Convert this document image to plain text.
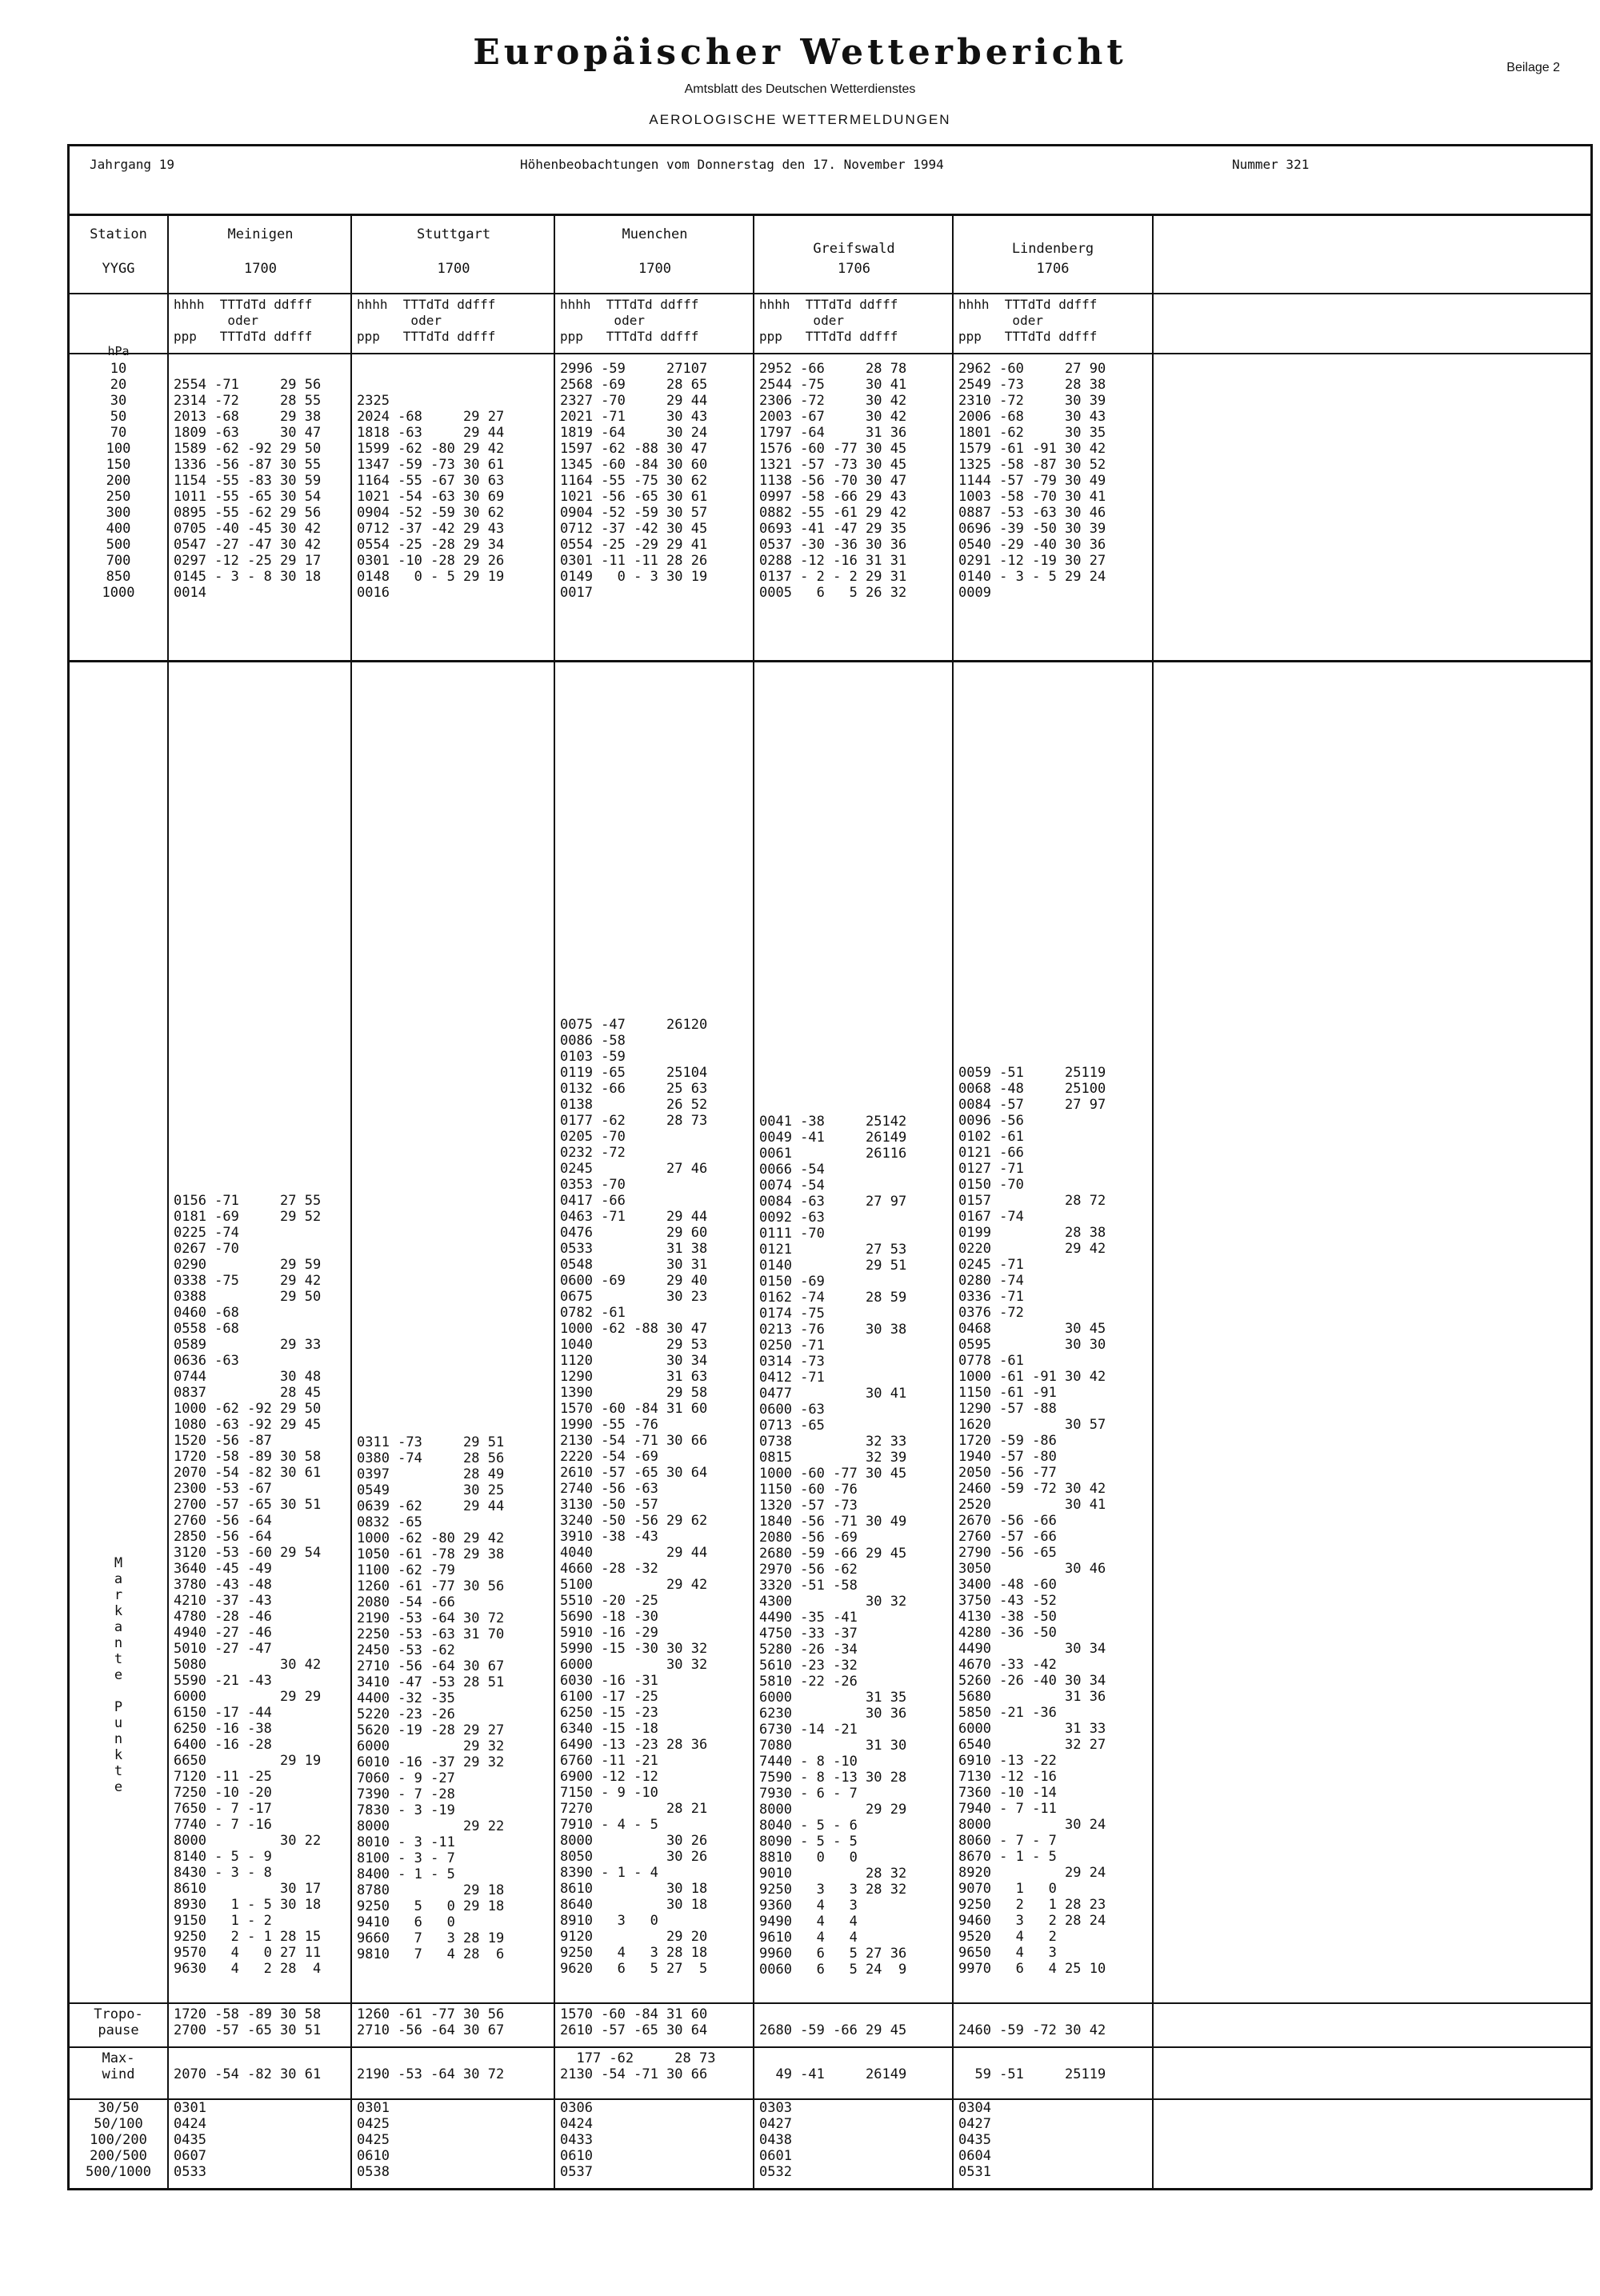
Europäischer Wetterbericht
Amtsblatt des Deutschen Wetterdienstes
AEROLOGISCHE WETTERMELDUNGEN
Beilage 2
Jahrgang 19	Höhenbeobachtungen vom Donnerstag den 17. November 1994	Nummer 321
Station
YYGG
hPa
10
20
30
50
70
100
150
200
250
300
400
500
700
850
1000
M
a
r
k
a
n
t
e

P
u
n
k
t
e
Tropo-
pause
Max-
wind
30/50
50/100
100/200
200/500
500/1000
Meinigen
1700
hhhh  TTTdTd ddfff
oder
ppp   TTTdTd ddfff

2554 -71     29 56
2314 -72     28 55
2013 -68     29 38
1809 -63     30 47
1589 -62 -92 29 50
1336 -56 -87 30 55
1154 -55 -83 30 59
1011 -55 -65 30 54
0895 -55 -62 29 56
0705 -40 -45 30 42
0547 -27 -47 30 42
0297 -12 -25 29 17
0145 - 3 - 8 30 18
0014
0156 -71     27 55
0181 -69     29 52
0225 -74
0267 -70
0290         29 59
0338 -75     29 42
0388         29 50
0460 -68
0558 -68
0589         29 33
0636 -63
0744         30 48
0837         28 45
1000 -62 -92 29 50
1080 -63 -92 29 45
1520 -56 -87
1720 -58 -89 30 58
2070 -54 -82 30 61
2300 -53 -67
2700 -57 -65 30 51
2760 -56 -64
2850 -56 -64
3120 -53 -60 29 54
3640 -45 -49
3780 -43 -48
4210 -37 -43
4780 -28 -46
4940 -27 -46
5010 -27 -47
5080         30 42
5590 -21 -43
6000         29 29
6150 -17 -44
6250 -16 -38
6400 -16 -28
6650         29 19
7120 -11 -25
7250 -10 -20
7650 - 7 -17
7740 - 7 -16
8000         30 22
8140 - 5 - 9
8430 - 3 - 8
8610         30 17
8930   1 - 5 30 18
9150   1 - 2
9250   2 - 1 28 15
9570   4   0 27 11
9630   4   2 28  4
1720 -58 -89 30 58
2700 -57 -65 30 51

2070 -54 -82 30 61
0301
0424
0435
0607
0533
Stuttgart
1700
hhhh  TTTdTd ddfff
oder
ppp   TTTdTd ddfff

2325
2024 -68     29 27
1818 -63     29 44
1599 -62 -80 29 42
1347 -59 -73 30 61
1164 -55 -67 30 63
1021 -54 -63 30 69
0904 -52 -59 30 62
0712 -37 -42 29 43
0554 -25 -28 29 34
0301 -10 -28 29 26
0148   0 - 5 29 19
0016
0311 -73     29 51
0380 -74     28 56
0397         28 49
0549         30 25
0639 -62     29 44
0832 -65
1000 -62 -80 29 42
1050 -61 -78 29 38
1100 -62 -79
1260 -61 -77 30 56
2080 -54 -66
2190 -53 -64 30 72
2250 -53 -63 31 70
2450 -53 -62
2710 -56 -64 30 67
3410 -47 -53 28 51
4400 -32 -35
5220 -23 -26
5620 -19 -28 29 27
6000         29 32
6010 -16 -37 29 32
7060 - 9 -27
7390 - 7 -28
7830 - 3 -19
8000         29 22
8010 - 3 -11
8100 - 3 - 7
8400 - 1 - 5
8780         29 18
9250   5   0 29 18
9410   6   0
9660   7   3 28 19
9810   7   4 28  6
1260 -61 -77 30 56
2710 -56 -64 30 67

2190 -53 -64 30 72
0301
0425
0425
0610
0538
Muenchen
1700
hhhh  TTTdTd ddfff
oder
ppp   TTTdTd ddfff
2996 -59     27107
2568 -69     28 65
2327 -70     29 44
2021 -71     30 43
1819 -64     30 24
1597 -62 -88 30 47
1345 -60 -84 30 60
1164 -55 -75 30 62
1021 -56 -65 30 61
0904 -52 -59 30 57
0712 -37 -42 30 45
0554 -25 -29 29 41
0301 -11 -11 28 26
0149   0 - 3 30 19
0017
0075 -47     26120
0086 -58
0103 -59
0119 -65     25104
0132 -66     25 63
0138         26 52
0177 -62     28 73
0205 -70
0232 -72
0245         27 46
0353 -70
0417 -66
0463 -71     29 44
0476         29 60
0533         31 38
0548         30 31
0600 -69     29 40
0675         30 23
0782 -61
1000 -62 -88 30 47
1040         29 53
1120         30 34
1290         31 63
1390         29 58
1570 -60 -84 31 60
1990 -55 -76
2130 -54 -71 30 66
2220 -54 -69
2610 -57 -65 30 64
2740 -56 -63
3130 -50 -57
3240 -50 -56 29 62
3910 -38 -43
4040         29 44
4660 -28 -32
5100         29 42
5510 -20 -25
5690 -18 -30
5910 -16 -29
5990 -15 -30 30 32
6000         30 32
6030 -16 -31
6100 -17 -25
6250 -15 -23
6340 -15 -18
6490 -13 -23 28 36
6760 -11 -21
6900 -12 -12
7150 - 9 -10
7270         28 21
7910 - 4 - 5
8000         30 26
8050         30 26
8390 - 1 - 4
8610         30 18
8640         30 18
8910   3   0
9120         29 20
9250   4   3 28 18
9620   6   5 27  5
1570 -60 -84 31 60
2610 -57 -65 30 64
177 -62     28 73
2130 -54 -71 30 66
0306
0424
0433
0610
0537
Greifswald
1706
hhhh  TTTdTd ddfff
oder
ppp   TTTdTd ddfff
2952 -66     28 78
2544 -75     30 41
2306 -72     30 42
2003 -67     30 42
1797 -64     31 36
1576 -60 -77 30 45
1321 -57 -73 30 45
1138 -56 -70 30 47
0997 -58 -66 29 43
0882 -55 -61 29 42
0693 -41 -47 29 35
0537 -30 -36 30 36
0288 -12 -16 31 31
0137 - 2 - 2 29 31
0005   6   5 26 32
0041 -38     25142
0049 -41     26149
0061         26116
0066 -54
0074 -54
0084 -63     27 97
0092 -63
0111 -70
0121         27 53
0140         29 51
0150 -69
0162 -74     28 59
0174 -75
0213 -76     30 38
0250 -71
0314 -73
0412 -71
0477         30 41
0600 -63
0713 -65
0738         32 33
0815         32 39
1000 -60 -77 30 45
1150 -60 -76
1320 -57 -73
1840 -56 -71 30 49
2080 -56 -69
2680 -59 -66 29 45
2970 -56 -62
3320 -51 -58
4300         30 32
4490 -35 -41
4750 -33 -37
5280 -26 -34
5610 -23 -32
5810 -22 -26
6000         31 35
6230         30 36
6730 -14 -21
7080         31 30
7440 - 8 -10
7590 - 8 -13 30 28
7930 - 6 - 7
8000         29 29
8040 - 5 - 6
8090 - 5 - 5
8810   0   0
9010         28 32
9250   3   3 28 32
9360   4   3
9490   4   4
9610   4   4
9960   6   5 27 36
0060   6   5 24  9

2680 -59 -66 29 45

49 -41     26149
0303
0427
0438
0601
0532
Lindenberg
1706
hhhh  TTTdTd ddfff
oder
ppp   TTTdTd ddfff
2962 -60     27 90
2549 -73     28 38
2310 -72     30 39
2006 -68     30 43
1801 -62     30 35
1579 -61 -91 30 42
1325 -58 -87 30 52
1144 -57 -79 30 49
1003 -58 -70 30 41
0887 -53 -63 30 46
0696 -39 -50 30 39
0540 -29 -40 30 36
0291 -12 -19 30 27
0140 - 3 - 5 29 24
0009
0059 -51     25119
0068 -48     25100
0084 -57     27 97
0096 -56
0102 -61
0121 -66
0127 -71
0150 -70
0157         28 72
0167 -74
0199         28 38
0220         29 42
0245 -71
0280 -74
0336 -71
0376 -72
0468         30 45
0595         30 30
0778 -61
1000 -61 -91 30 42
1150 -61 -91
1290 -57 -88
1620         30 57
1720 -59 -86
1940 -57 -80
2050 -56 -77
2460 -59 -72 30 42
2520         30 41
2670 -56 -66
2760 -57 -66
2790 -56 -65
3050         30 46
3400 -48 -60
3750 -43 -52
4130 -38 -50
4280 -36 -50
4490         30 34
4670 -33 -42
5260 -26 -40 30 34
5680         31 36
5850 -21 -36
6000         31 33
6540         32 27
6910 -13 -22
7130 -12 -16
7360 -10 -14
7940 - 7 -11
8000         30 24
8060 - 7 - 7
8670 - 1 - 5
8920         29 24
9070   1   0
9250   2   1 28 23
9460   3   2 28 24
9520   4   2
9650   4   3
9970   6   4 25 10

2460 -59 -72 30 42

59 -51     25119
0304
0427
0435
0604
0531
